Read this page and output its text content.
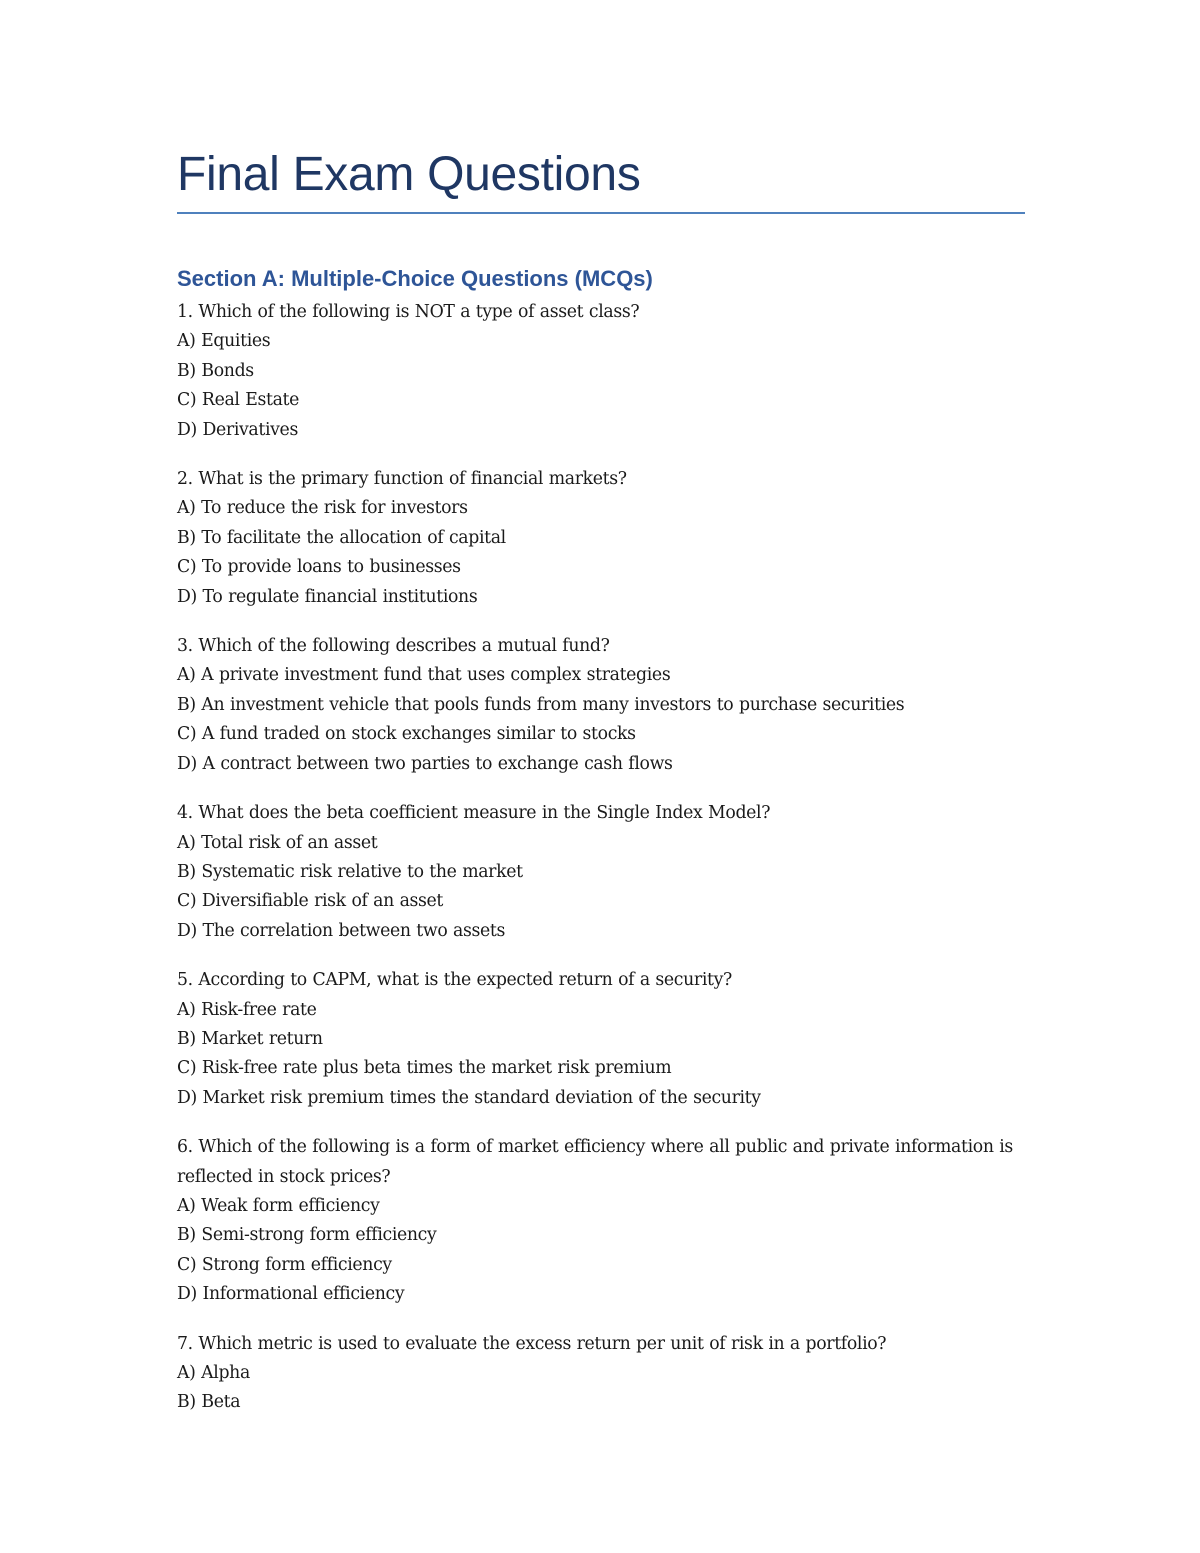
Final Exam Questions
Section A: Multiple-Choice Questions (MCQs)

1. Which of the following is NOT a type of asset class?

A) Equities
B) Bonds
C) Real Estate
D) Derivatives

2. What is the primary function of financial markets?

A) To reduce the risk for investors
B) To facilitate the allocation of capital
C) To provide loans to businesses
D) To regulate financial institutions

3. Which of the following describes a mutual fund?

A) A private investment fund that uses complex strategies
B) An investment vehicle that pools funds from many investors to purchase securities
C) A fund traded on stock exchanges similar to stocks
D) A contract between two parties to exchange cash flows

4. What does the beta coefficient measure in the Single Index Model?

A) Total risk of an asset
B) Systematic risk relative to the market
C) Diversifiable risk of an asset
D) The correlation between two assets

5. According to CAPM, what is the expected return of a security?

A) Risk-free rate
B) Market return
C) Risk-free rate plus beta times the market risk premium
D) Market risk premium times the standard deviation of the security

6. Which of the following is a form of market efficiency where all public and private information is reflected in stock prices?

A) Weak form efficiency
B) Semi-strong form efficiency
C) Strong form efficiency
D) Informational efficiency

7. Which metric is used to evaluate the excess return per unit of risk in a portfolio?

A) Alpha
B) Beta
